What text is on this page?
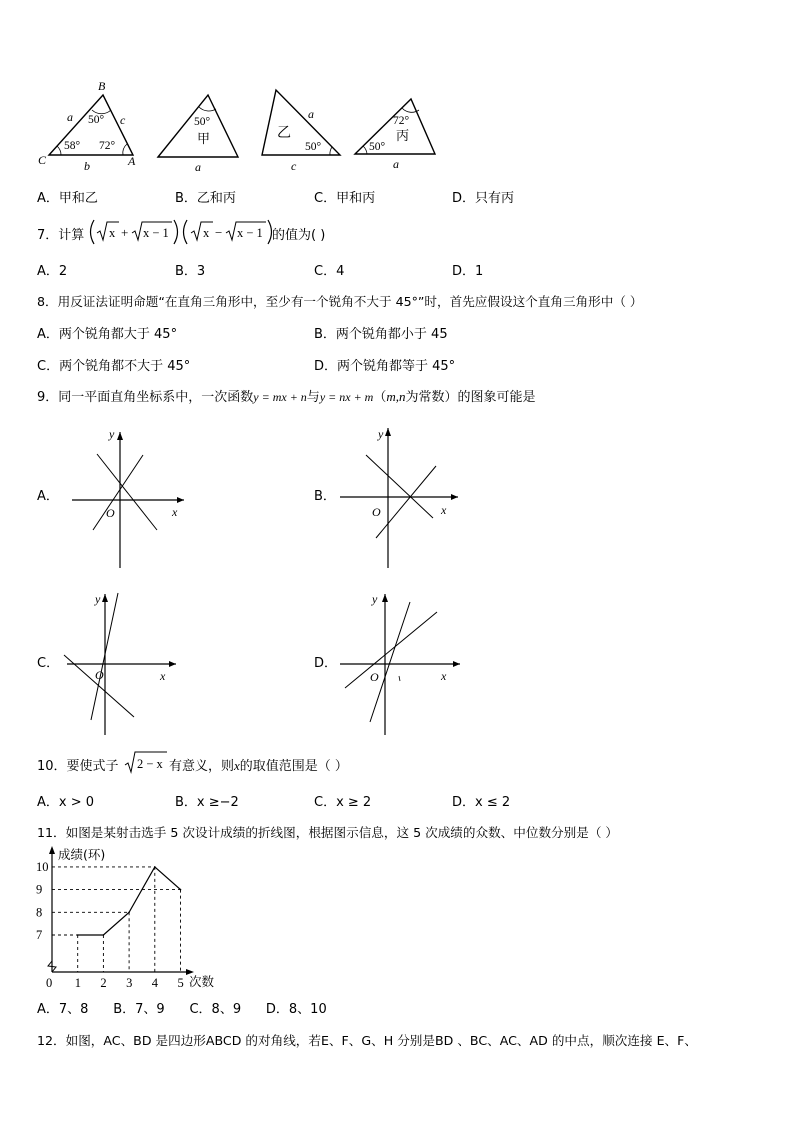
B
a 50° c
58° 72°
C	b	A
50°
甲
a
a
乙
50°
c
72°
丙
50°
a
A．甲和乙	B．乙和丙	C．甲和丙	D．只有丙
7．计算 x + x − 1	x − x − 1 的值为( )
A．2	B．3	C．4	D．1
8．用反证法证明命题“在直角三角形中，至少有一个锐角不大于 45°”时，首先应假设这个直角三角形中（ ）
A．两个锐角都大于 45°	B．两个锐角都小于 45
C．两个锐角都不大于 45°	D．两个锐角都等于 45°
9．同一平面直角坐标系中，一次函数y = mx + n与y = nx + m（m,n为常数）的图象可能是
A．	B．
C．	D．
y
x
O
y
x
O
y
x
O
y
x
O
10．要使式子 2 − x 有意义，则x的取值范围是（ ）
A．x > 0	B．x ≥−2	C．x ≥ 2	D．x ≤ 2
11．如图是某射击选手 5 次设计成绩的折线图，根据图示信息，这 5 次成绩的众数、中位数分别是（ ）
成绩(环)
次数
7
8
9
10
0 1 2 3 4 5
A．7、8      B．7、9      C．8、9      D．8、10
12．如图，AC、BD 是四边形ABCD 的对角线，若E、F、G、H 分别是BD 、BC、AC、AD 的中点，顺次连接 E、F、
